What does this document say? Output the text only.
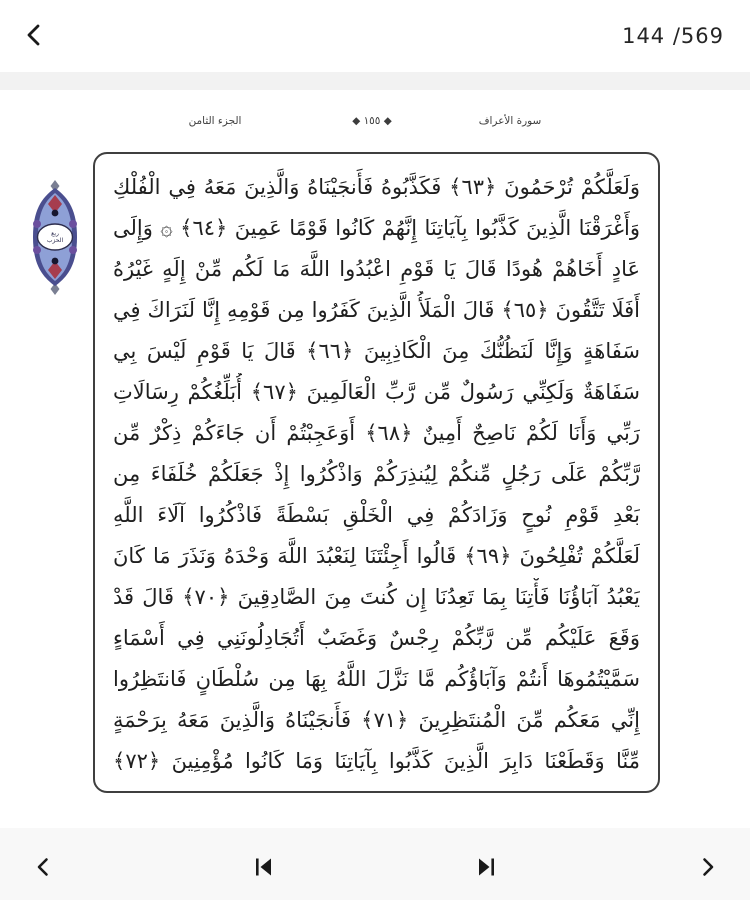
144 /569
الجزء الثامن	◆ ١٥٥ ◆	سورة الأعراف
ربع
الحزب
وَلَعَلَّكُمْ تُرْحَمُونَ ﴿٦٣﴾ فَكَذَّبُوهُ فَأَنجَيْنَاهُ وَالَّذِينَ مَعَهُ فِي الْفُلْكِ
وَأَغْرَقْنَا الَّذِينَ كَذَّبُوا بِآيَاتِنَا إِنَّهُمْ كَانُوا قَوْمًا عَمِينَ ﴿٦٤﴾ ۞ وَإِلَى
عَادٍ أَخَاهُمْ هُودًا قَالَ يَا قَوْمِ اعْبُدُوا اللَّهَ مَا لَكُم مِّنْ إِلَهٍ غَيْرُهُ
أَفَلَا تَتَّقُونَ ﴿٦٥﴾ قَالَ الْمَلَأُ الَّذِينَ كَفَرُوا مِن قَوْمِهِ إِنَّا لَنَرَاكَ فِي
سَفَاهَةٍ وَإِنَّا لَنَظُنُّكَ مِنَ الْكَاذِبِينَ ﴿٦٦﴾ قَالَ يَا قَوْمِ لَيْسَ بِي
سَفَاهَةٌ وَلَكِنِّي رَسُولٌ مِّن رَّبِّ الْعَالَمِينَ ﴿٦٧﴾ أُبَلِّغُكُمْ رِسَالَاتِ
رَبِّي وَأَنَا لَكُمْ نَاصِحٌ أَمِينٌ ﴿٦٨﴾ أَوَعَجِبْتُمْ أَن جَاءَكُمْ ذِكْرٌ مِّن
رَّبِّكُمْ عَلَى رَجُلٍ مِّنكُمْ لِيُنذِرَكُمْ وَاذْكُرُوا إِذْ جَعَلَكُمْ خُلَفَاءَ مِن
بَعْدِ قَوْمِ نُوحٍ وَزَادَكُمْ فِي الْخَلْقِ بَسْطَةً فَاذْكُرُوا آلَاءَ اللَّهِ
لَعَلَّكُمْ تُفْلِحُونَ ﴿٦٩﴾ قَالُوا أَجِئْتَنَا لِنَعْبُدَ اللَّهَ وَحْدَهُ وَنَذَرَ مَا كَانَ
يَعْبُدُ آبَاؤُنَا فَأْتِنَا بِمَا تَعِدُنَا إِن كُنتَ مِنَ الصَّادِقِينَ ﴿٧٠﴾ قَالَ قَدْ
وَقَعَ عَلَيْكُم مِّن رَّبِّكُمْ رِجْسٌ وَغَضَبٌ أَتُجَادِلُونَنِي فِي أَسْمَاءٍ
سَمَّيْتُمُوهَا أَنتُمْ وَآبَاؤُكُم مَّا نَزَّلَ اللَّهُ بِهَا مِن سُلْطَانٍ فَانتَظِرُوا
إِنِّي مَعَكُم مِّنَ الْمُنتَظِرِينَ ﴿٧١﴾ فَأَنجَيْنَاهُ وَالَّذِينَ مَعَهُ بِرَحْمَةٍ
مِّنَّا وَقَطَعْنَا دَابِرَ الَّذِينَ كَذَّبُوا بِآيَاتِنَا وَمَا كَانُوا مُؤْمِنِينَ ﴿٧٢﴾
